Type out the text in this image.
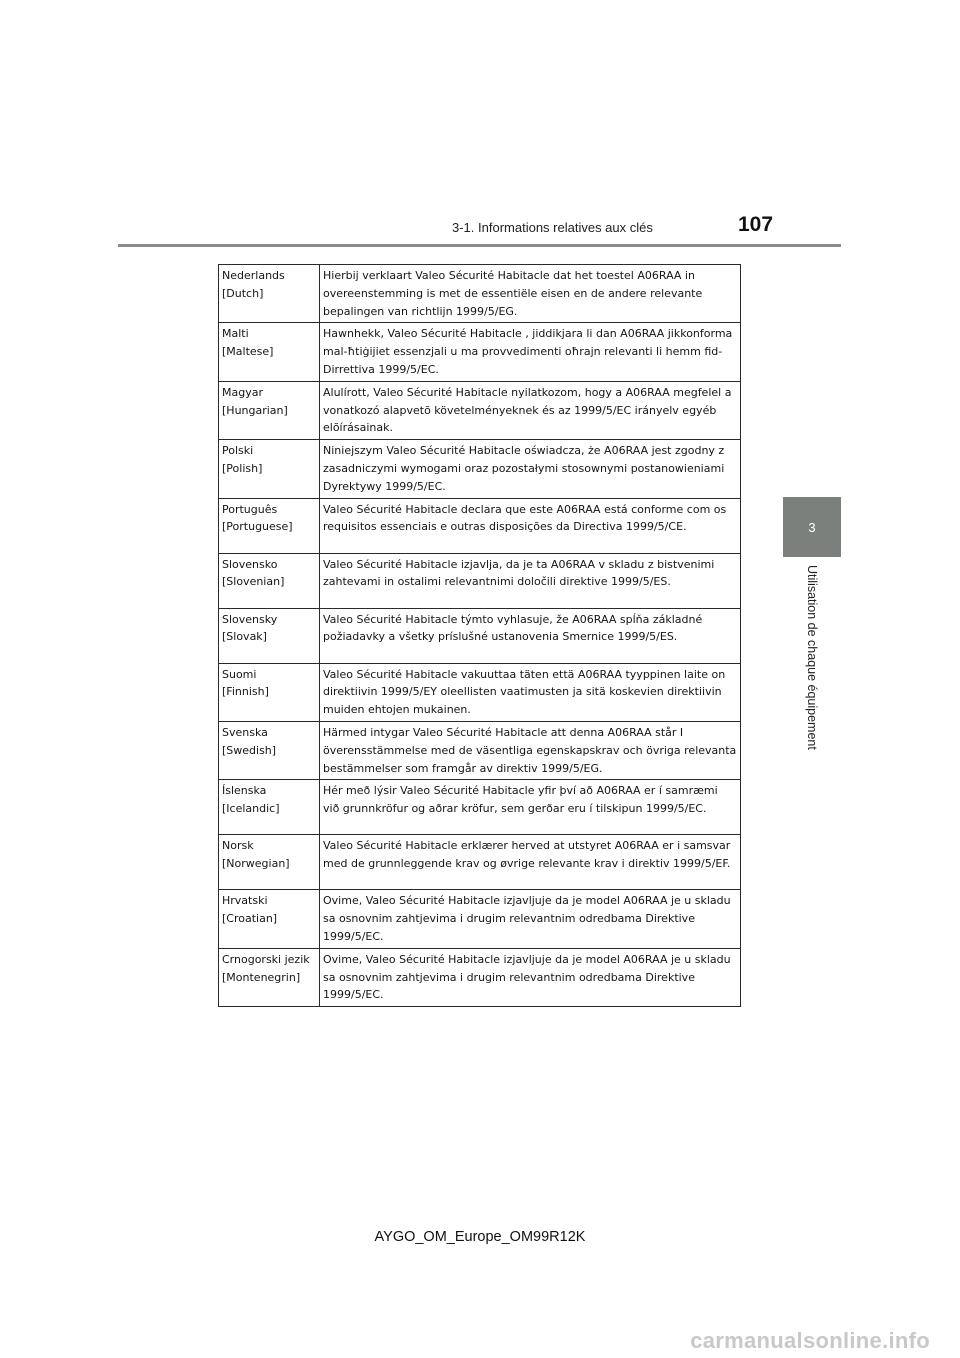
3-1. Informations relatives aux clés	107
3
Utilisation de chaque équipement
Nederlands
[Dutch]	Hierbij verklaart Valeo Sécurité Habitacle dat het toestel A06RAA in overeenstemming is met de essentiële eisen en de andere relevante bepalingen van richtlijn 1999/5/EG.

Malti
[Maltese]	Hawnhekk, Valeo Sécurité Habitacle , jiddikjara li dan A06RAA jikkonforma mal-ħtiġijiet essenzjali u ma provvedimenti oħrajn relevanti li hemm fid-Dirrettiva 1999/5/EC.

Magyar
[Hungarian]	Alulírott, Valeo Sécurité Habitacle nyilatkozom, hogy a A06RAA megfelel a vonatkozó alapvetõ követelményeknek és az 1999/5/EC irányelv egyéb elõírásainak.

Polski
[Polish]	Niniejszym Valeo Sécurité Habitacle oświadcza, że A06RAA jest zgodny z zasadniczymi wymogami oraz pozostałymi stosownymi postanowieniami Dyrektywy 1999/5/EC.

Português
[Portuguese]	Valeo Sécurité Habitacle declara que este A06RAA está conforme com os requisitos essenciais e outras disposições da Directiva 1999/5/CE.

Slovensko
[Slovenian]	Valeo Sécurité Habitacle izjavlja, da je ta A06RAA v skladu z bistvenimi zahtevami in ostalimi relevantnimi določili direktive 1999/5/ES.

Slovensky
[Slovak]	Valeo Sécurité Habitacle týmto vyhlasuje, že A06RAA spĺňa základné požiadavky a všetky príslušné ustanovenia Smernice 1999/5/ES.

Suomi
[Finnish]	Valeo Sécurité Habitacle vakuuttaa täten että A06RAA tyyppinen laite on direktiivin 1999/5/EY oleellisten vaatimusten ja sitä koskevien direktiivin muiden ehtojen mukainen.

Svenska
[Swedish]	Härmed intygar Valeo Sécurité Habitacle att denna A06RAA står I överensstämmelse med de väsentliga egenskapskrav och övriga relevanta bestämmelser som framgår av direktiv 1999/5/EG.

Íslenska
[Icelandic]	Hér með lýsir Valeo Sécurité Habitacle yfir því að A06RAA er í samræmi við grunnkröfur og aðrar kröfur, sem gerðar eru í tilskipun 1999/5/EC.

Norsk
[Norwegian]	Valeo Sécurité Habitacle erklærer herved at utstyret A06RAA er i samsvar med de grunnleggende krav og øvrige relevante krav i direktiv 1999/5/EF.

Hrvatski
[Croatian]	Ovime, Valeo Sécurité Habitacle izjavljuje da je model A06RAA je u skladu sa osnovnim zahtjevima i drugim relevantnim odredbama Direktive 1999/5/EC.

Crnogorski jezik
[Montenegrin]	Ovime, Valeo Sécurité Habitacle izjavljuje da je model A06RAA je u skladu sa osnovnim zahtjevima i drugim relevantnim odredbama Direktive 1999/5/EC.
AYGO_OM_Europe_OM99R12K
carmanualsonline.info
